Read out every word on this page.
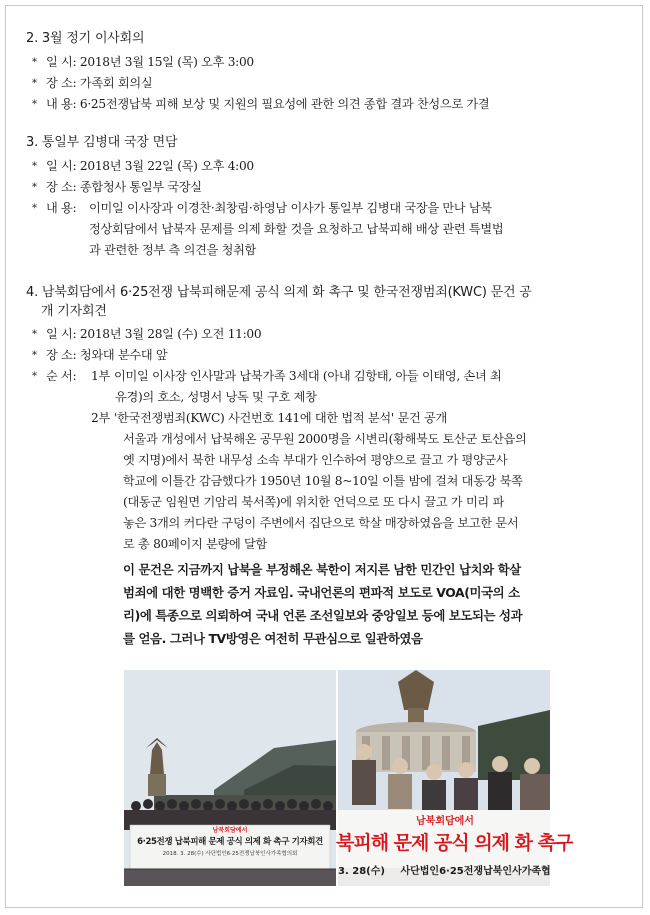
2. 3월 정기 이사회의
* 일 시: 2018년 3월 15일 (목) 오후 3:00
* 장 소: 가족회 회의실
* 내 용: 6·25전쟁납북 피해 보상 및 지원의 필요성에 관한 의견 종합 결과 찬성으로 가결
3. 통일부 김병대 국장 면담
* 일 시: 2018년 3월 22일 (목) 오후 4:00
* 장 소: 종합청사 통일부 국장실
* 내 용: 이미일 이사장과 이경찬·최창림·하영남 이사가 통일부 김병대 국장을 만나 남북
정상회담에서 납북자 문제를 의제 화할 것을 요청하고 납북피해 배상 관련 특별법
과 관련한 정부 측 의견을 청취함
4. 남북회담에서 6·25전쟁 납북피해문제 공식 의제 화 촉구 및 한국전쟁범죄(KWC) 문건 공
개 기자회견
* 일 시: 2018년 3월 28일 (수) 오전 11:00
* 장 소: 청와대 분수대 앞
* 순 서: 1부 이미일 이사장 인사말과 납북가족 3세대 (아내 김항태, 아들 이태영, 손녀 최
유경)의 호소, 성명서 낭독 및 구호 제창
2부 '한국전쟁범죄(KWC) 사건번호 141에 대한 법적 분석' 문건 공개
서울과 개성에서 납북해온 공무원 2000명을 시변리(황해북도 토산군 토산읍의
옛 지명)에서 북한 내무성 소속 부대가 인수하여 평양으로 끌고 가 평양군사
학교에 이틀간 감금했다가 1950년 10월 8~10일 이틀 밤에 걸쳐 대동강 북쪽
(대동군 임원면 기암리 북서쪽)에 위치한 언덕으로 또 다시 끌고 가 미리 파
놓은 3개의 커다란 구덩이 주변에서 집단으로 학살 매장하였음을 보고한 문서
로 총 80페이지 분량에 달함
이 문건은 지금까지 납북을 부정해온 북한이 저지른 남한 민간인 납치와 학살
범죄에 대한 명백한 증거 자료임. 국내언론의 편파적 보도로 VOA(미국의 소
리)에 특종으로 의뢰하여 국내 언론 조선일보와 중앙일보 등에 보도되는 성과
를 얻음. 그러나 TV방영은 여전히 무관심으로 일관하였음
남북회담에서
6·25전쟁 납북피해 문제 공식 의제 화 촉구 기자회견
2018. 3. 28(수) 사단법인6·25전쟁납북인사가족협의회
남북회담에서
북피해 문제 공식 의제 화 촉구
3. 28(수) 사단법인6·25전쟁납북인사가족협
